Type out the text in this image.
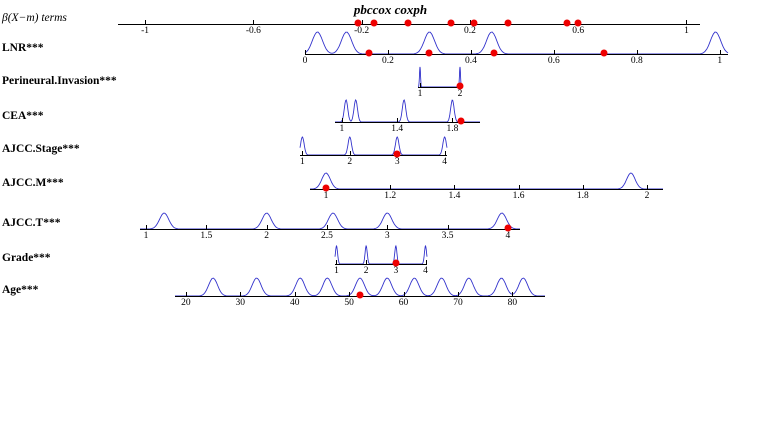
pbccox coxph
β(X−m) terms
-1	-0.6	-0.2	0.2	0.6	1
LNR***
0	0.2	0.4	0.6	0.8	1
Perineural.Invasion***
1	2
CEA***
1	1.4	1.8
AJCC.Stage***
1	2	3	4
AJCC.M***
1	1.2	1.4	1.6	1.8	2
AJCC.T***
1	1.5	2	2.5	3	3.5	4
Grade***
1	2	3	4
Age***
20	30	40	50	60	70	80
